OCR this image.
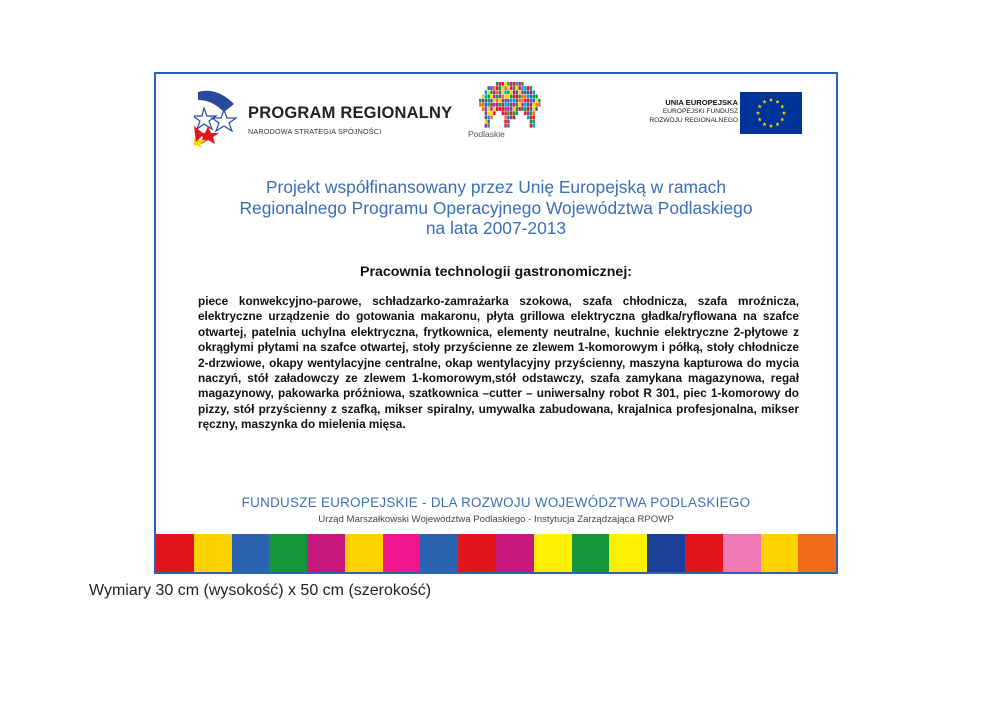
PROGRAM REGIONALNY
NARODOWA STRATEGIA SPÓJNOŚCI	Podlaskie
UNIA EUROPEJSKA
EUROPEJSKI FUNDUSZ
ROZWOJU REGIONALNEGO
Projekt współfinansowany przez Unię Europejską w ramach
Regionalnego Programu Operacyjnego Województwa Podlaskiego
na lata 2007-2013
Pracownia technologii gastronomicznej:
piece konwekcyjno-parowe, schładzarko-zamrażarka szokowa, szafa chłodnicza, szafa mroźnicza, elektryczne urządzenie do gotowania makaronu, płyta grillowa elektryczna gładka/ryflowana na szafce otwartej, patelnia uchylna elektryczna, frytkownica, elementy neutralne, kuchnie elektryczne 2-płytowe z okrągłymi płytami na szafce otwartej, stoły przyścienne ze zlewem 1-komorowym i półką, stoły chłodnicze 2-drzwiowe, okapy wentylacyjne centralne, okap wentylacyjny przyścienny, maszyna kapturowa do mycia naczyń, stół załadowczy ze zlewem 1-komorowym,stół odstawczy, szafa zamykana magazynowa, regał magazynowy, pakowarka próżniowa, szatkownica –cutter – uniwersalny robot R 301, piec 1-komorowy do pizzy, stół przyścienny z szafką, mikser spiralny, umywalka zabudowana, krajalnica profesjonalna, mikser ręczny, maszynka do mielenia mięsa.
FUNDUSZE EUROPEJSKIE - DLA ROZWOJU WOJEWÓDZTWA PODLASKIEGO
Urząd Marszałkowski Województwa Podlaskiego - Instytucja Zarządzająca RPOWP
Wymiary 30 cm (wysokość) x 50 cm (szerokość)
